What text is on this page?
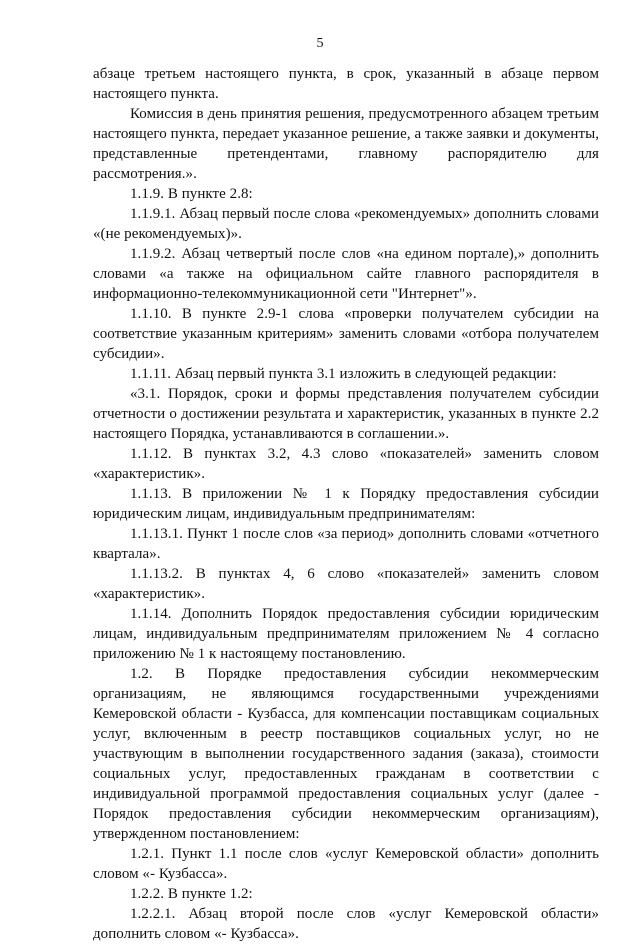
5

абзаце третьем настоящего пункта, в срок, указанный в абзаце первом настоящего пункта.

Комиссия в день принятия решения, предусмотренного абзацем третьим настоящего пункта, передает указанное решение, а также заявки и документы, представленные претендентами, главному распорядителю для рассмотрения.».

1.1.9. В пункте 2.8:

1.1.9.1. Абзац первый после слова «рекомендуемых» дополнить словами «(не рекомендуемых)».

1.1.9.2. Абзац четвертый после слов «на едином портале),» дополнить словами «а также на официальном сайте главного распорядителя в информационно-телекоммуникационной сети "Интернет"».

1.1.10. В пункте 2.9-1 слова «проверки получателем субсидии на соответствие указанным критериям» заменить словами «отбора получателем субсидии».

1.1.11. Абзац первый пункта 3.1 изложить в следующей редакции:

«3.1. Порядок, сроки и формы представления получателем субсидии отчетности о достижении результата и характеристик, указанных в пункте 2.2 настоящего Порядка, устанавливаются в соглашении.».

1.1.12. В пунктах 3.2, 4.3 слово «показателей» заменить словом «характеристик».

1.1.13. В приложении № 1 к Порядку предоставления субсидии юридическим лицам, индивидуальным предпринимателям:

1.1.13.1. Пункт 1 после слов «за период» дополнить словами «отчетного квартала».

1.1.13.2. В пунктах 4, 6 слово «показателей» заменить словом «характеристик».

1.1.14. Дополнить Порядок предоставления субсидии юридическим лицам, индивидуальным предпринимателям приложением № 4 согласно приложению № 1 к настоящему постановлению.

1.2. В Порядке предоставления субсидии некоммерческим организациям, не являющимся государственными учреждениями Кемеровской области - Кузбасса, для компенсации поставщикам социальных услуг, включенным в реестр поставщиков социальных услуг, но не участвующим в выполнении государственного задания (заказа), стоимости социальных услуг, предоставленных гражданам в соответствии с индивидуальной программой предоставления социальных услуг (далее - Порядок предоставления субсидии некоммерческим организациям), утвержденном постановлением:

1.2.1. Пункт 1.1 после слов «услуг Кемеровской области» дополнить словом «- Кузбасса».

1.2.2. В пункте 1.2:

1.2.2.1. Абзац второй после слов «услуг Кемеровской области» дополнить словом «- Кузбасса».
